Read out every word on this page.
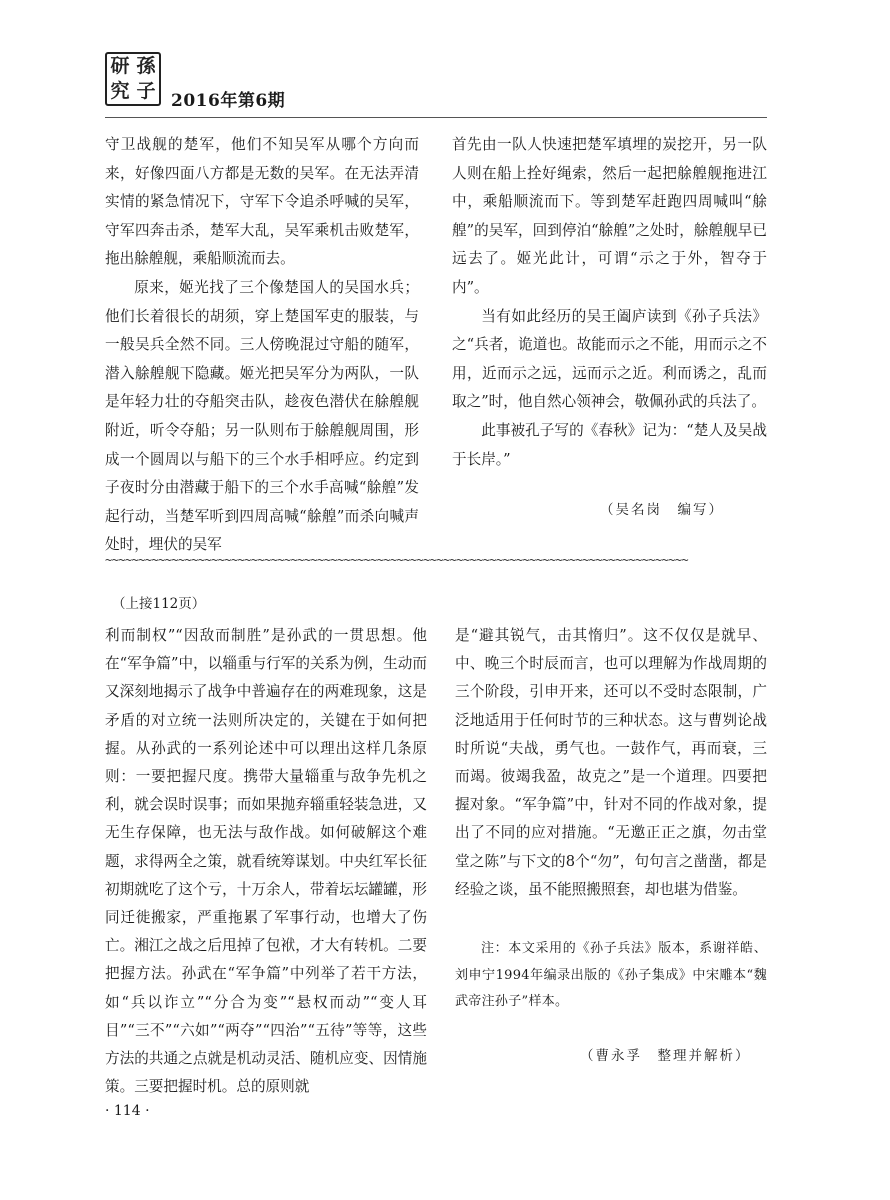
研 孫
究 子 2016年第6期

守卫战舰的楚军，他们不知吴军从哪个方向而来，好像四面八方都是无数的吴军。在无法弄清实情的紧急情况下，守军下令追杀呼喊的吴军，守军四奔击杀，楚军大乱，吴军乘机击败楚军，拖出艅艎舰，乘船顺流而去。

原来，姬光找了三个像楚国人的吴国水兵；他们长着很长的胡须，穿上楚国军吏的服装，与一般吴兵全然不同。三人傍晚混过守船的随军，潜入艅艎舰下隐藏。姬光把吴军分为两队，一队是年轻力壮的夺船突击队，趁夜色潜伏在艅艎舰附近，听令夺船；另一队则布于艅艎舰周围，形成一个圆周以与船下的三个水手相呼应。约定到子夜时分由潜藏于船下的三个水手高喊“艅艎”发起行动，当楚军听到四周高喊“艅艎”而杀向喊声处时，埋伏的吴军

首先由一队人快速把楚军填埋的炭挖开，另一队人则在船上拴好绳索，然后一起把艅艎舰拖进江中，乘船顺流而下。等到楚军赶跑四周喊叫“艅艎”的吴军，回到停泊“艅艎”之处时，艅艎舰早已远去了。姬光此计，可谓“示之于外，智夺于内”。

当有如此经历的吴王阖庐读到《孙子兵法》之“兵者，诡道也。故能而示之不能，用而示之不用，近而示之远，远而示之近。利而诱之，乱而取之”时，他自然心领神会，敬佩孙武的兵法了。

此事被孔子写的《春秋》记为：“楚人及吴战于长岸。”

（吴名岗　编写）
~~~~~~~~~~~~~~~~~~~~~~~~~~~~~~~~~~~~~~~~~~~~~~~~~~~~~~~~~~~~~~~~~~~~~~~~~~~~~~~~~~~~~~~~
（上接112页）

利而制权”“因敌而制胜”是孙武的一贯思想。他在“军争篇”中，以辎重与行军的关系为例，生动而又深刻地揭示了战争中普遍存在的两难现象，这是矛盾的对立统一法则所决定的，关键在于如何把握。从孙武的一系列论述中可以理出这样几条原则：一要把握尺度。携带大量辎重与敌争先机之利，就会误时误事；而如果抛弃辎重轻装急进，又无生存保障，也无法与敌作战。如何破解这个难题，求得两全之策，就看统筹谋划。中央红军长征初期就吃了这个亏，十万余人，带着坛坛罐罐，形同迁徙搬家，严重拖累了军事行动，也增大了伤亡。湘江之战之后甩掉了包袱，才大有转机。二要把握方法。孙武在“军争篇”中列举了若干方法，如“兵以诈立”“分合为变”“悬权而动”“变人耳目”“三不”“六如”“两夺”“四治”“五待”等等，这些方法的共通之点就是机动灵活、随机应变、因情施策。三要把握时机。总的原则就

是“避其锐气，击其惰归”。这不仅仅是就早、中、晚三个时辰而言，也可以理解为作战周期的三个阶段，引申开来，还可以不受时态限制，广泛地适用于任何时节的三种状态。这与曹刿论战时所说“夫战，勇气也。一鼓作气，再而衰，三而竭。彼竭我盈，故克之”是一个道理。四要把握对象。“军争篇”中，针对不同的作战对象，提出了不同的应对措施。“无邀正正之旗，勿击堂堂之陈”与下文的8个“勿”，句句言之凿凿，都是经验之谈，虽不能照搬照套，却也堪为借鉴。

注：本文采用的《孙子兵法》版本，系谢祥皓、刘申宁1994年编录出版的《孙子集成》中宋雕本“魏武帝注孙子”样本。
（曹永孚　整理并解析）
· 114 ·
